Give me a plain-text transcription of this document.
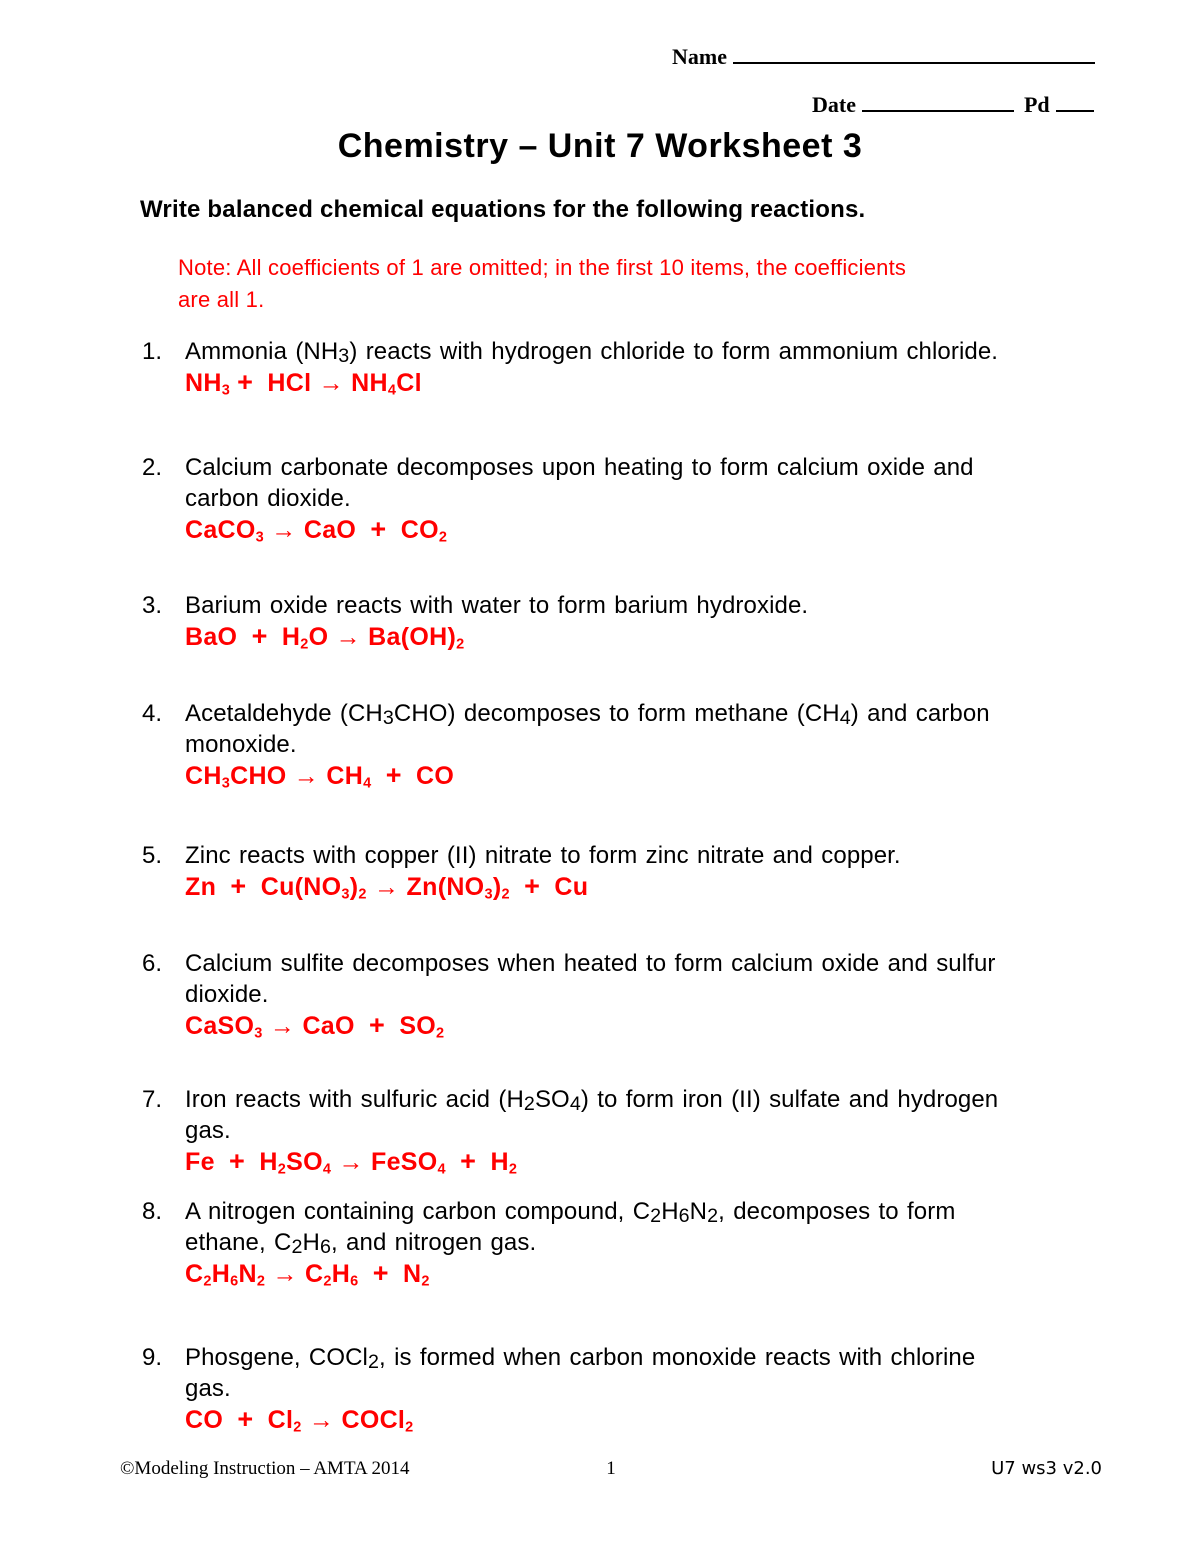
Name
Date	Pd
Chemistry – Unit 7 Worksheet 3
Write balanced chemical equations for the following reactions.
Note: All coefficients of 1 are omitted; in the first 10 items, the coefficients
are all 1.
1. Ammonia $(NH_3)$ reacts with hydrogen chloride to form ammonium chloride.
$NH_3$ + HCl → $NH_4Cl$
2. Calcium carbonate decomposes upon heating to form calcium oxide and
carbon dioxide.
CaCO$_3$ → CaO + $CO_2$
3. Barium oxide reacts with water to form barium hydroxide.
BaO + $H_2O \to Ba(OH)_2$
4. Acetaldehyde $(CH_3CHO)$ decomposes to form methane $(CH_4)$ and carbon
monoxide.
$CH_3CHO \to CH_4$ + CO
5. Zinc reacts with copper (II) nitrate to form zinc nitrate and copper.
$Zn + Cu(NO_3)_2 \to Zn(NO_3)_2 + Cu$
6. Calcium sulfite decomposes when heated to form calcium oxide and sulfur
dioxide.
CaSO$_3$ → CaO + $SO_2$
7. Iron reacts with sulfuric acid $(H_2SO_4)$ to form iron (II) sulfate and hydrogen
gas.
$Fe + H_2SO_4$ → FeSO$_4$ + $H_2$
8. A nitrogen containing carbon compound, $C_2H_6N_2$, decomposes to form
ethane, $C_2H_6$, and nitrogen gas.
$C_2H_6N_2 \to C_2H_6 + N_2$
9. Phosgene, COCl$_2$, is formed when carbon monoxide reacts with chlorine
gas.
CO + $Cl_2$ → COCl$_2$
©Modeling Instruction – AMTA 2014	1	U7 ws3 v2.0
